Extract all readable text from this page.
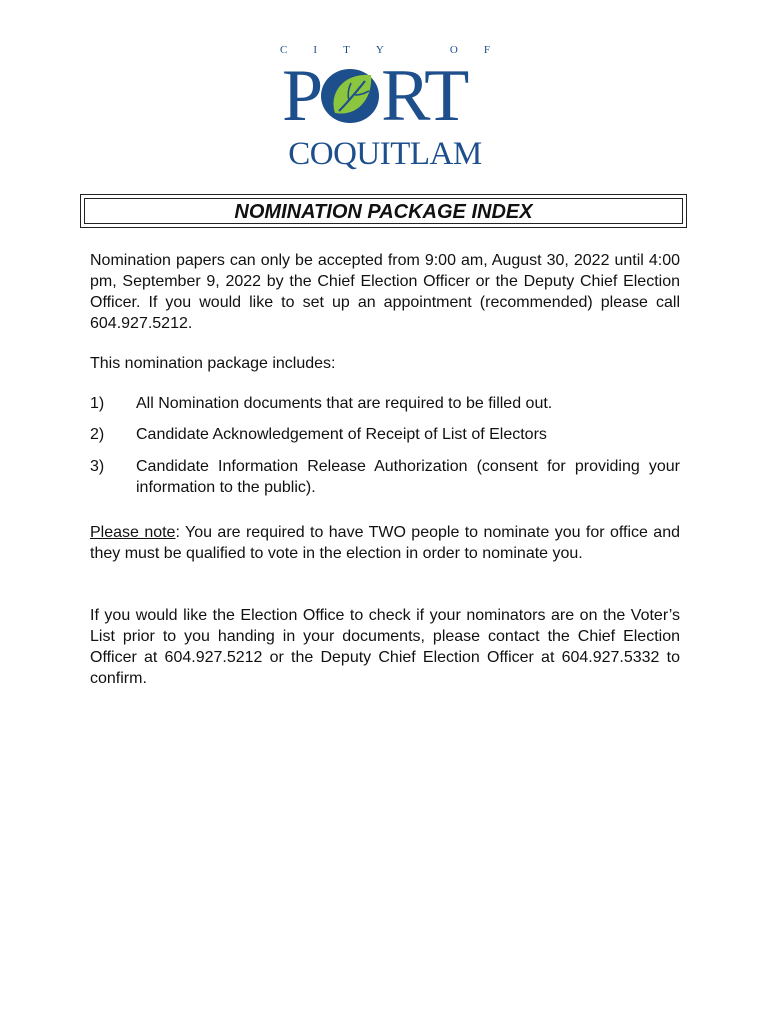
C I T Y	O F
P RT
COQUITLAM
NOMINATION PACKAGE INDEX
Nomination papers can only be accepted from 9:00 am, August 30, 2022 until 4:00 pm, September 9, 2022 by the Chief Election Officer or the Deputy Chief Election Officer. If you would like to set up an appointment (recommended) please call 604.927.5212.
This nomination package includes:
1) All Nomination documents that are required to be filled out.
2) Candidate Acknowledgement of Receipt of List of Electors
3) Candidate Information Release Authorization (consent for providing your information to the public).
Please note: You are required to have TWO people to nominate you for office and they must be qualified to vote in the election in order to nominate you.
If you would like the Election Office to check if your nominators are on the Voter’s List prior to you handing in your documents, please contact the Chief Election Officer at 604.927.5212 or the Deputy Chief Election Officer at 604.927.5332 to confirm.
